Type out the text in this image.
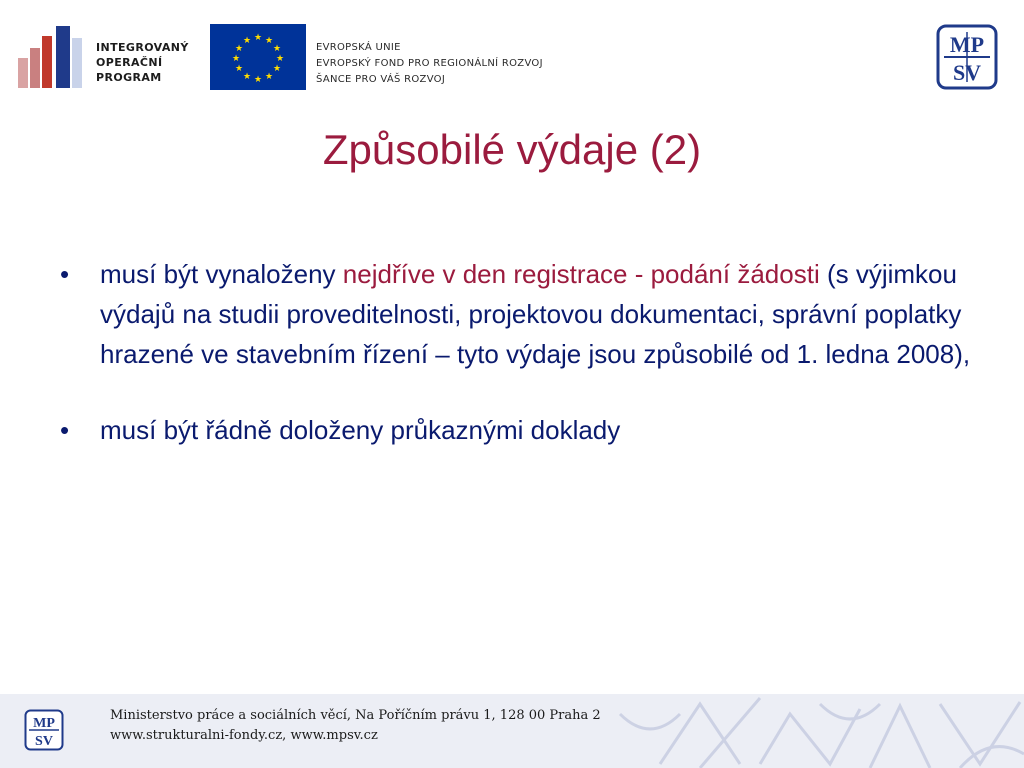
INTEGROVANÝ
OPERAČNÍ
PROGRAM
★ ★
★
★
★
★
★
★
★
★
★
★
EVROPSKÁ UNIE
EVROPSKÝ FOND PRO REGIONÁLNÍ ROZVOJ
ŠANCE PRO VÁŠ ROZVOJ
MP
SV
Způsobilé výdaje (2)
• musí být vynaloženy nejdříve v den registrace - podání žádosti (s výjimkou výdajů na studii proveditelnosti, projektovou dokumentaci, správní poplatky hrazené ve stavebním řízení – tyto výdaje jsou způsobilé od 1. ledna 2008),
• musí být řádně doloženy průkaznými doklady
MP
SV
Ministerstvo práce a sociálních věcí, Na Poříčním právu 1, 128 00 Praha 2
www.strukturalni-fondy.cz, www.mpsv.cz
